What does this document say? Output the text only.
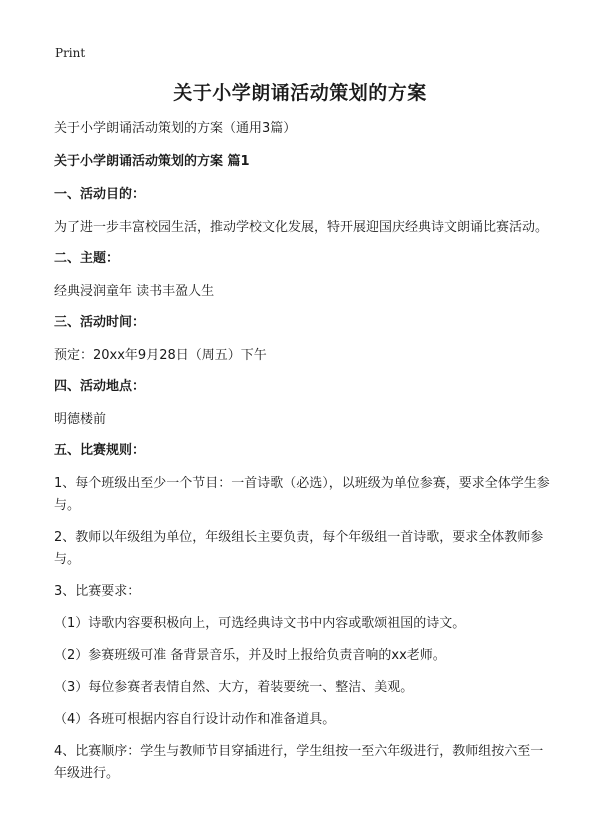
Print
关于小学朗诵活动策划的方案

关于小学朗诵活动策划的方案（通用3篇）

关于小学朗诵活动策划的方案 篇1

一、活动目的：

为了进一步丰富校园生活，推动学校文化发展，特开展迎国庆经典诗文朗诵比赛活动。

二、主题：

经典浸润童年 读书丰盈人生

三、活动时间：

预定：20xx年9月28日（周五）下午

四、活动地点：

明德楼前

五、比赛规则：

1、每个班级出至少一个节目：一首诗歌（必选），以班级为单位参赛，要求全体学生参与。

2、教师以年级组为单位，年级组长主要负责，每个年级组一首诗歌，要求全体教师参与。

3、比赛要求：

（1）诗歌内容要积极向上，可选经典诗文书中内容或歌颂祖国的诗文。

（2）参赛班级可准 备背景音乐，并及时上报给负责音响的xx老师。

（3）每位参赛者表情自然、大方，着装要统一、整洁、美观。

（4）各班可根据内容自行设计动作和准备道具。

4、比赛顺序：学生与教师节目穿插进行，学生组按一至六年级进行，教师组按六至一年级进行。
